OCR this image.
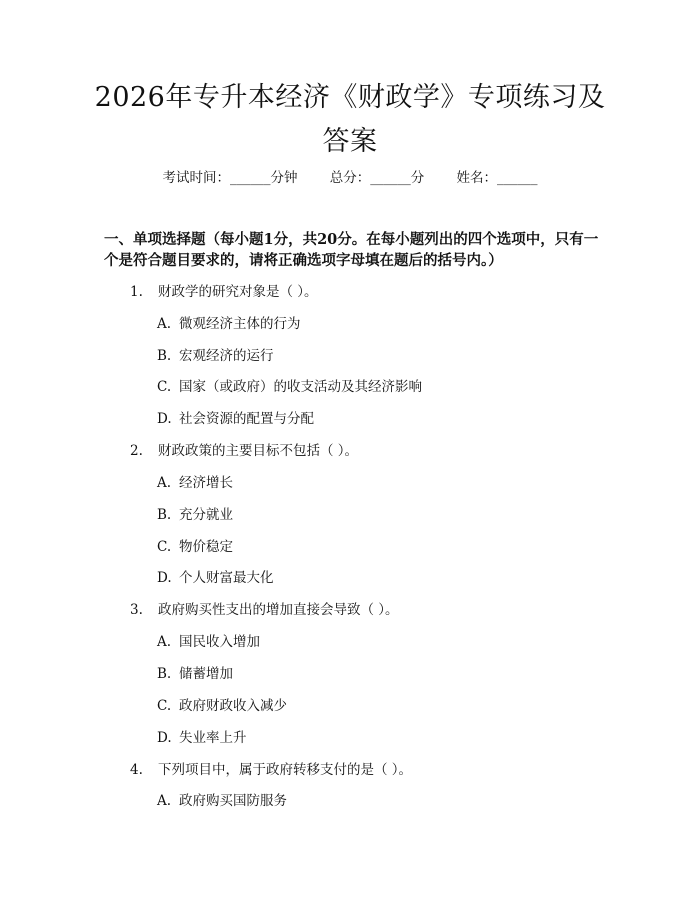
2026年专升本经济《财政学》专项练习及答案
考试时间：______分钟 总分：______分 姓名：______

一、单项选择题（每小题1分，共20分。在每小题列出的四个选项中，只有一个是符合题目要求的，请将正确选项字母填在题后的括号内。）

1. 财政学的研究对象是（ ）。
A. 微观经济主体的行为
B. 宏观经济的运行
C. 国家（或政府）的收支活动及其经济影响
D. 社会资源的配置与分配
2. 财政政策的主要目标不包括（ ）。
A. 经济增长
B. 充分就业
C. 物价稳定
D. 个人财富最大化
3. 政府购买性支出的增加直接会导致（ ）。
A. 国民收入增加
B. 储蓄增加
C. 政府财政收入减少
D. 失业率上升
4. 下列项目中，属于政府转移支付的是（ ）。
A. 政府购买国防服务
